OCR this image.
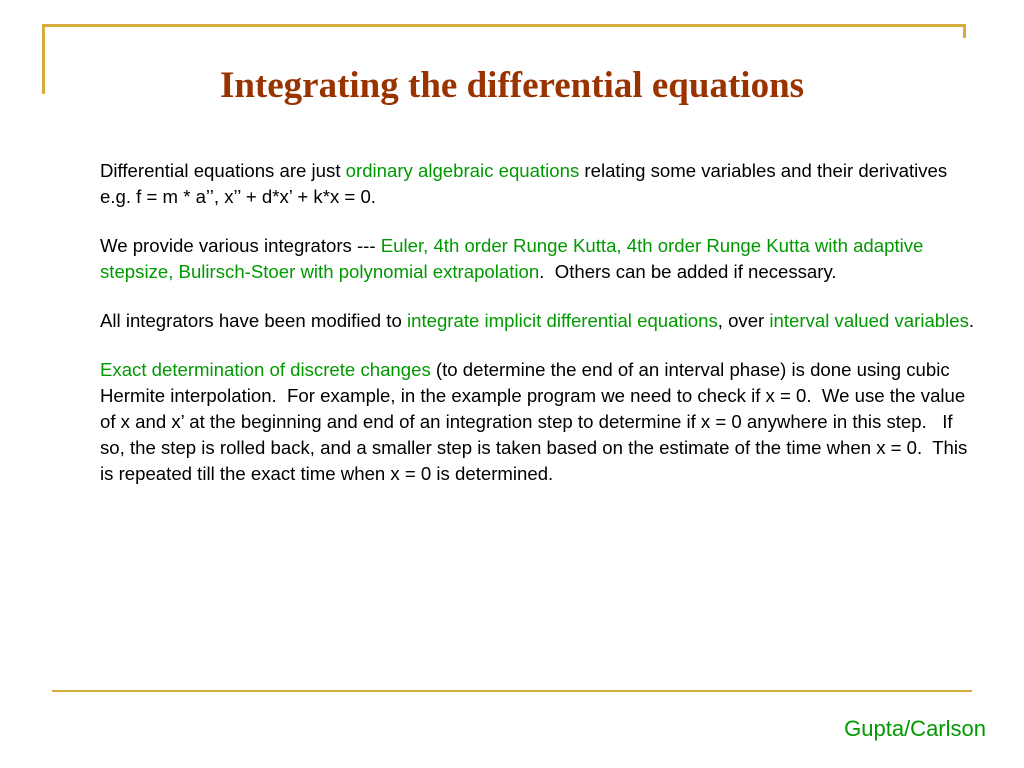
Integrating the differential equations

Differential equations are just ordinary algebraic equations relating some variables and their derivatives e.g. f = m * a’’, x’’ + d*x’ + k*x = 0.

We provide various integrators --- Euler, 4th order Runge Kutta, 4th order Runge Kutta with adaptive stepsize, Bulirsch-Stoer with polynomial extrapolation.  Others can be added if necessary.

All integrators have been modified to integrate implicit differential equations, over interval valued variables.

Exact determination of discrete changes (to determine the end of an interval phase) is done using cubic Hermite interpolation.  For example, in the example program we need to check if x = 0.  We use the value of x and x’ at the beginning and end of an integration step to determine if x = 0 anywhere in this step.   If so, the step is rolled back, and a smaller step is taken based on the estimate of the time when x = 0.  This is repeated till the exact time when x = 0 is determined.

Gupta/Carlson
